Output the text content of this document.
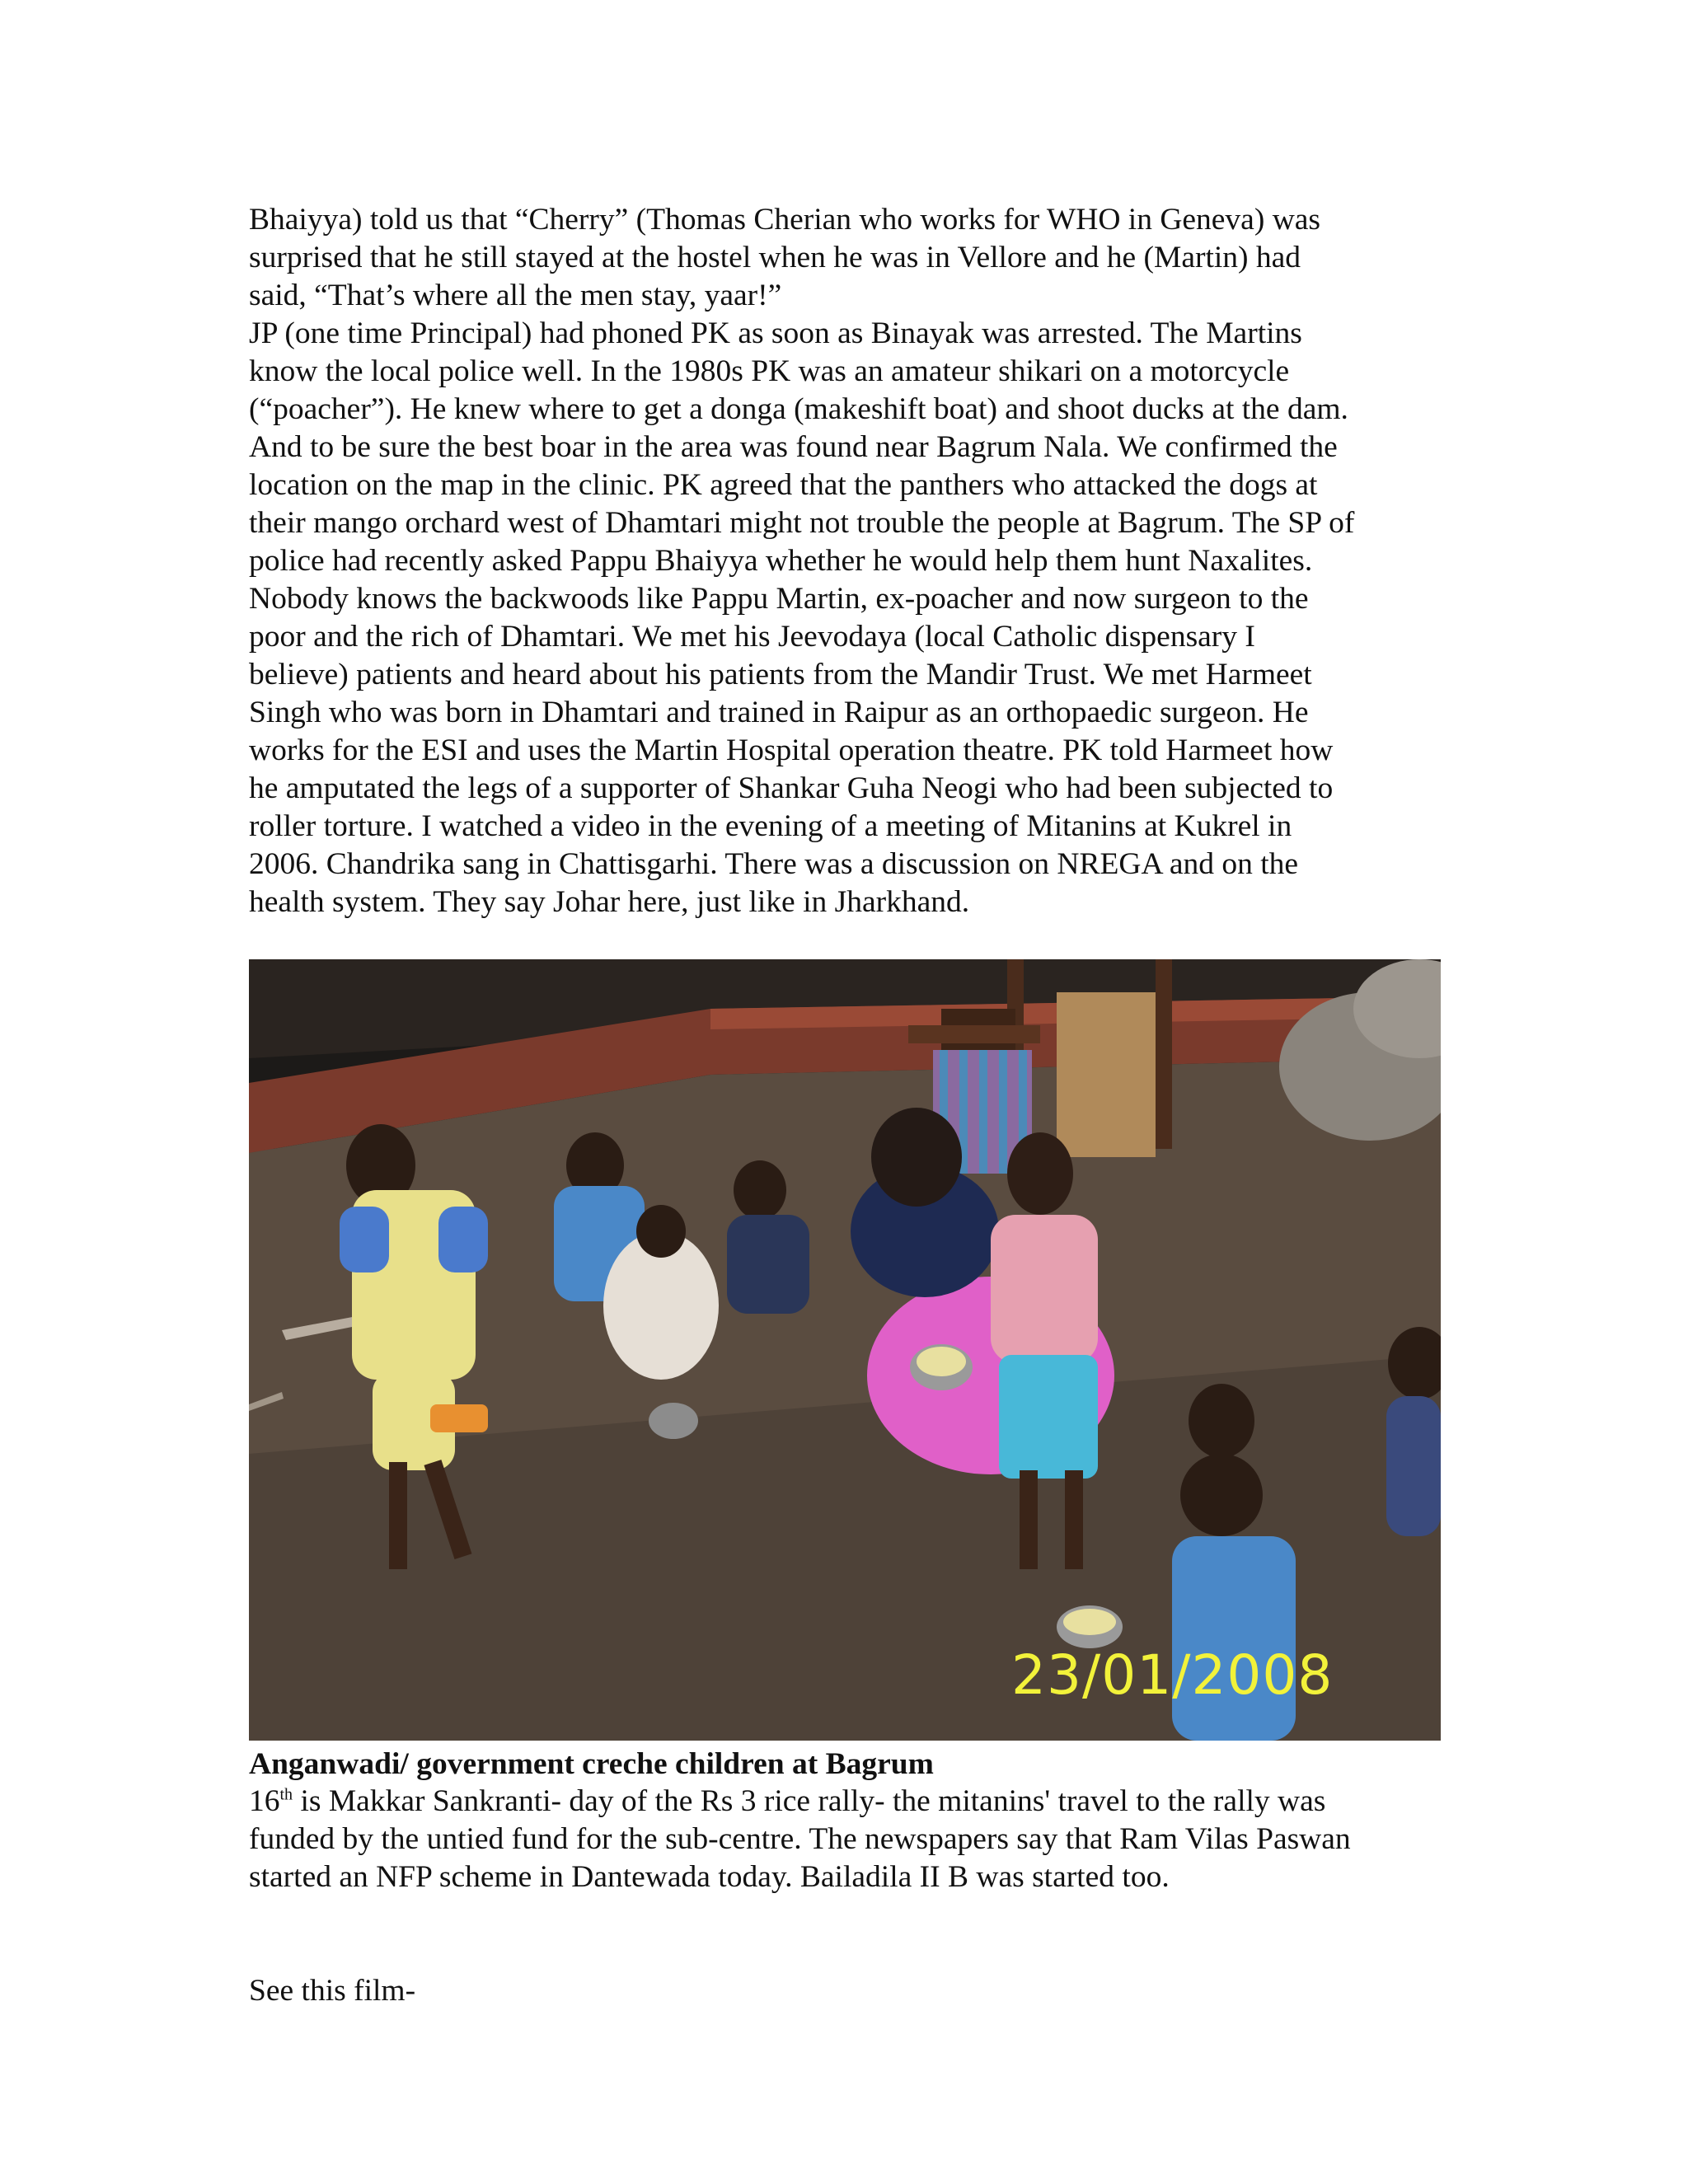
Bhaiyya) told us that “Cherry” (Thomas Cherian who works for WHO in Geneva) was
surprised that he still stayed at the hostel when he was in Vellore and he (Martin) had
said, “That’s where all the men stay, yaar!”
JP (one time Principal) had phoned PK as soon as Binayak was arrested. The Martins
know the local police well. In the 1980s PK was an amateur shikari on a motorcycle
(“poacher”). He knew where to get a donga (makeshift boat) and shoot ducks at the dam.
And to be sure the best boar in the area was found near Bagrum Nala. We confirmed the
location on the map in the clinic. PK agreed that the panthers who attacked the dogs at
their mango orchard west of Dhamtari might not trouble the people at Bagrum. The SP of
police had recently asked Pappu Bhaiyya whether he would help them hunt Naxalites.
Nobody knows the backwoods like Pappu Martin, ex-poacher and now surgeon to the
poor and the rich of Dhamtari. We met his Jeevodaya (local Catholic dispensary I
believe) patients and heard about his patients from the Mandir Trust. We met Harmeet
Singh who was born in Dhamtari and trained in Raipur as an orthopaedic surgeon. He
works for the ESI and uses the Martin Hospital operation theatre. PK told Harmeet how
he amputated the legs of a supporter of Shankar Guha Neogi who had been subjected to
roller torture. I watched a video in the evening of a meeting of Mitanins at Kukrel in
2006. Chandrika sang in Chattisgarhi. There was a discussion on NREGA and on the
health system. They say Johar here, just like in Jharkhand.
23/01/2008
Anganwadi/ government creche children at Bagrum
16th is Makkar Sankranti- day of the Rs 3 rice rally- the mitanins' travel to the rally was
funded by the untied fund for the sub-centre. The newspapers say that Ram Vilas Paswan
started an NFP scheme in Dantewada today. Bailadila II B was started too.
See this film-
